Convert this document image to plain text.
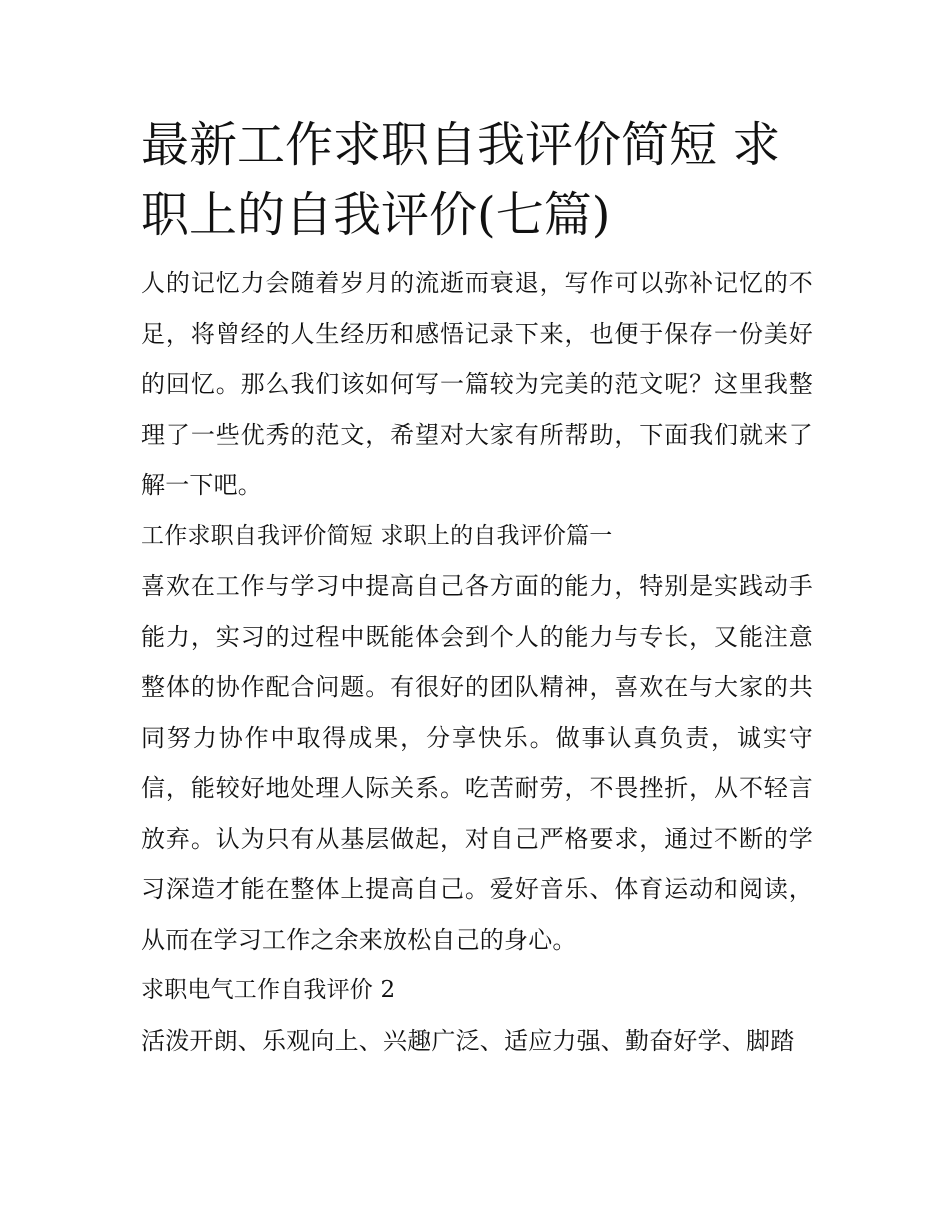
最新工作求职自我评价简短 求职上的自我评价(七篇)

人的记忆力会随着岁月的流逝而衰退，写作可以弥补记忆的不足，将曾经的人生经历和感悟记录下来，也便于保存一份美好的回忆。那么我们该如何写一篇较为完美的范文呢？这里我整理了一些优秀的范文，希望对大家有所帮助，下面我们就来了解一下吧。

工作求职自我评价简短 求职上的自我评价篇一

喜欢在工作与学习中提高自己各方面的能力，特别是实践动手能力，实习的过程中既能体会到个人的能力与专长，又能注意整体的协作配合问题。有很好的团队精神，喜欢在与大家的共同努力协作中取得成果，分享快乐。做事认真负责，诚实守信，能较好地处理人际关系。吃苦耐劳，不畏挫折，从不轻言放弃。认为只有从基层做起，对自己严格要求，通过不断的学习深造才能在整体上提高自己。爱好音乐、体育运动和阅读，从而在学习工作之余来放松自己的身心。

求职电气工作自我评价 2

活泼开朗、乐观向上、兴趣广泛、适应力强、勤奋好学、脚踏
